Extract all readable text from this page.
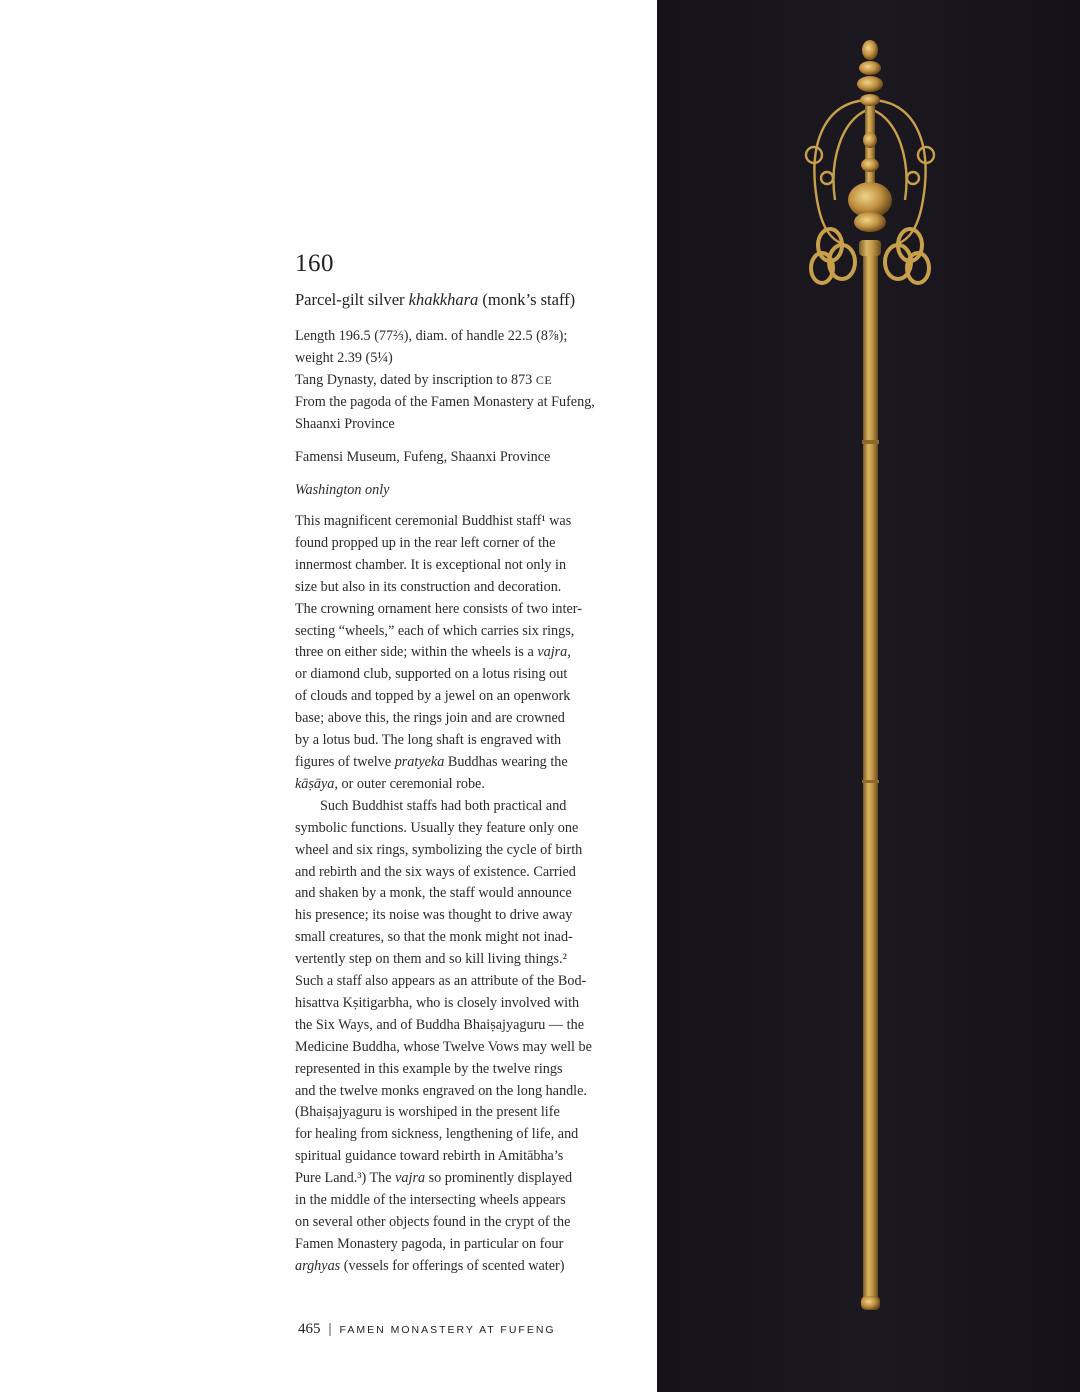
160
Parcel-gilt silver khakkhara (monk’s staff)
Length 196.5 (77⅔), diam. of handle 22.5 (8⅞);
weight 2.39 (5¼)
Tang Dynasty, dated by inscription to 873 CE
From the pagoda of the Famen Monastery at Fufeng,
Shaanxi Province
Famensi Museum, Fufeng, Shaanxi Province
Washington only
This magnificent ceremonial Buddhist staff¹ was
found propped up in the rear left corner of the
innermost chamber. It is exceptional not only in
size but also in its construction and decoration.
The crowning ornament here consists of two inter-
secting “wheels,” each of which carries six rings,
three on either side; within the wheels is a vajra,
or diamond club, supported on a lotus rising out
of clouds and topped by a jewel on an openwork
base; above this, the rings join and are crowned
by a lotus bud. The long shaft is engraved with
figures of twelve pratyeka Buddhas wearing the
kāṣāya, or outer ceremonial robe.
Such Buddhist staffs had both practical and
symbolic functions. Usually they feature only one
wheel and six rings, symbolizing the cycle of birth
and rebirth and the six ways of existence. Carried
and shaken by a monk, the staff would announce
his presence; its noise was thought to drive away
small creatures, so that the monk might not inad-
vertently step on them and so kill living things.²
Such a staff also appears as an attribute of the Bod-
hisattva Kṣitigarbha, who is closely involved with
the Six Ways, and of Buddha Bhaiṣajyaguru — the
Medicine Buddha, whose Twelve Vows may well be
represented in this example by the twelve rings
and the twelve monks engraved on the long handle.
(Bhaiṣajyaguru is worshiped in the present life
for healing from sickness, lengthening of life, and
spiritual guidance toward rebirth in Amitābha’s
Pure Land.³) The vajra so prominently displayed
in the middle of the intersecting wheels appears
on several other objects found in the crypt of the
Famen Monastery pagoda, in particular on four
arghyas (vessels for offerings of scented water)
465 | FAMEN MONASTERY AT FUFENG
